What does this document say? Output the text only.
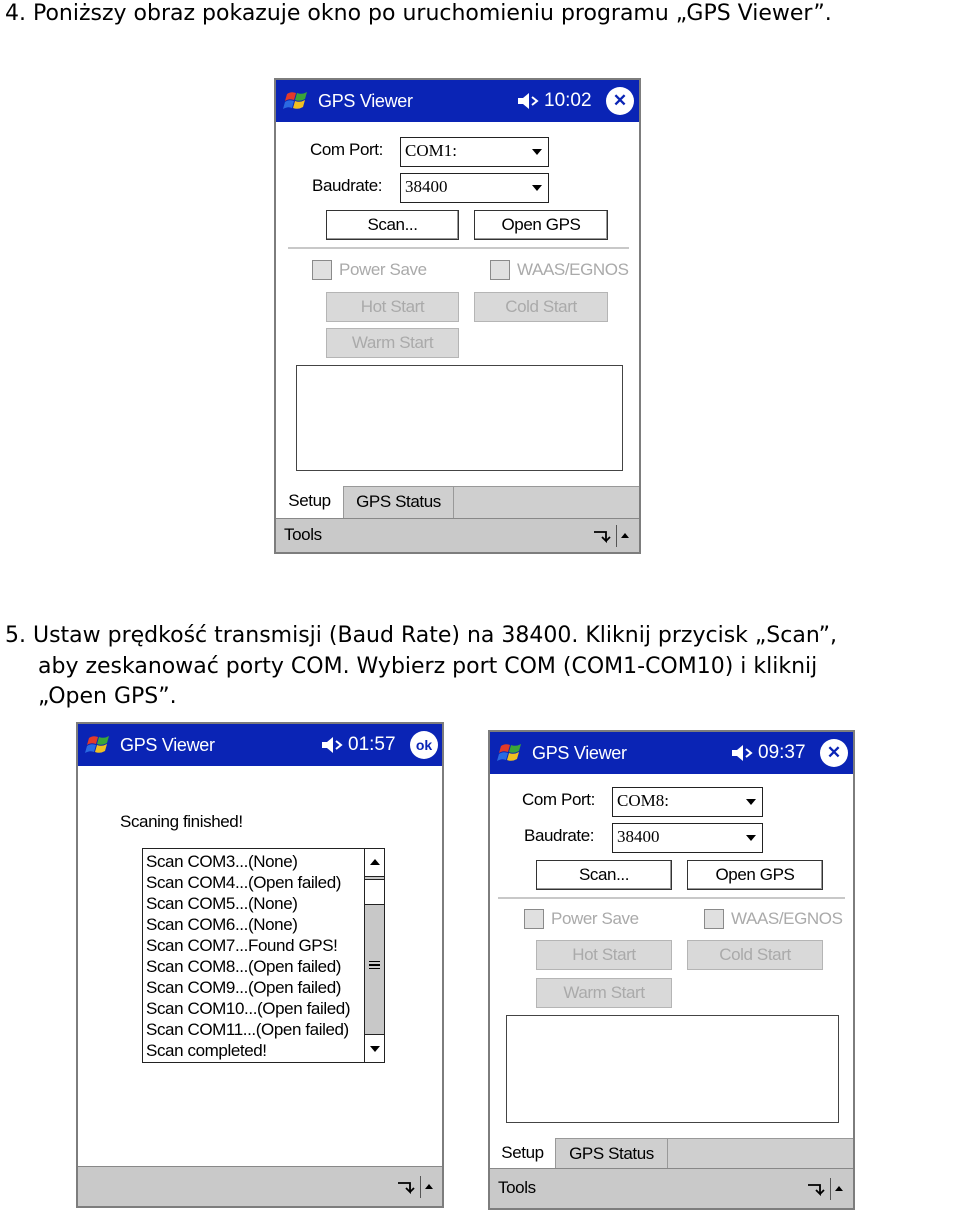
4. Poniższy obraz pokazuje okno po uruchomieniu programu „GPS Viewer”.
5. Ustaw prędkość transmisji (Baud Rate) na 38400. Kliknij przycisk „Scan”,
aby zeskanować porty COM. Wybierz port COM (COM1-COM10) i kliknij
„Open GPS”.
GPS Viewer	10:02	✕
Com Port: COM1:
Baudrate: 38400
Scan...	Open GPS
Power Save	WAAS/EGNOS
Hot Start	Cold Start
Warm Start
Setup	GPS Status
Tools
GPS Viewer	01:57	ok
Scaning finished!
Scan COM3...(None)
Scan COM4...(Open failed)
Scan COM5...(None)
Scan COM6...(None)
Scan COM7...Found GPS!
Scan COM8...(Open failed)
Scan COM9...(Open failed)
Scan COM10...(Open failed)
Scan COM11...(Open failed)
Scan completed!
GPS Viewer	09:37	✕
Com Port: COM8:
Baudrate: 38400
Scan...	Open GPS
Power Save	WAAS/EGNOS
Hot Start	Cold Start
Warm Start
Setup	GPS Status
Tools
